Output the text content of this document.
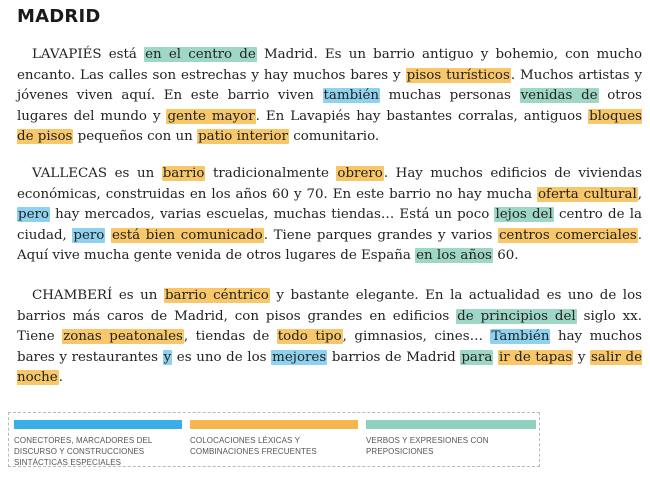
MADRID

LAVAPIÉS está en el centro de Madrid. Es un barrio antiguo y bohemio, con mucho encanto. Las calles son estrechas y hay muchos bares y pisos turísticos. Muchos artistas y jóvenes viven aquí. En este barrio viven también muchas personas venidas de otros lugares del mundo y gente mayor. En Lavapiés hay bastantes corralas, antiguos bloques de pisos pequeños con un patio interior comunitario.

VALLECAS es un barrio tradicionalmente obrero. Hay muchos edificios de viviendas económicas, construidas en los años 60 y 70. En este barrio no hay mucha oferta cultural, pero hay mercados, varias escuelas, muchas tiendas… Está un poco lejos del centro de la ciudad, pero está bien comunicado. Tiene parques grandes y varios centros comerciales. Aquí vive mucha gente venida de otros lugares de España en los años 60.

CHAMBERÍ es un barrio céntrico y bastante elegante. En la actualidad es uno de los barrios más caros de Madrid, con pisos grandes en edificios de principios del siglo xx. Tiene zonas peatonales, tiendas de todo tipo, gimnasios, cines… También hay muchos bares y restaurantes y es uno de los mejores barrios de Madrid para ir de tapas y salir de noche.

CONECTORES, MARCADORES DEL DISCURSO Y CONSTRUCCIONES SINTÁCTICAS ESPECIALES
COLOCACIONES LÉXICAS Y COMBINACIONES FRECUENTES
VERBOS Y EXPRESIONES CON PREPOSICIONES
